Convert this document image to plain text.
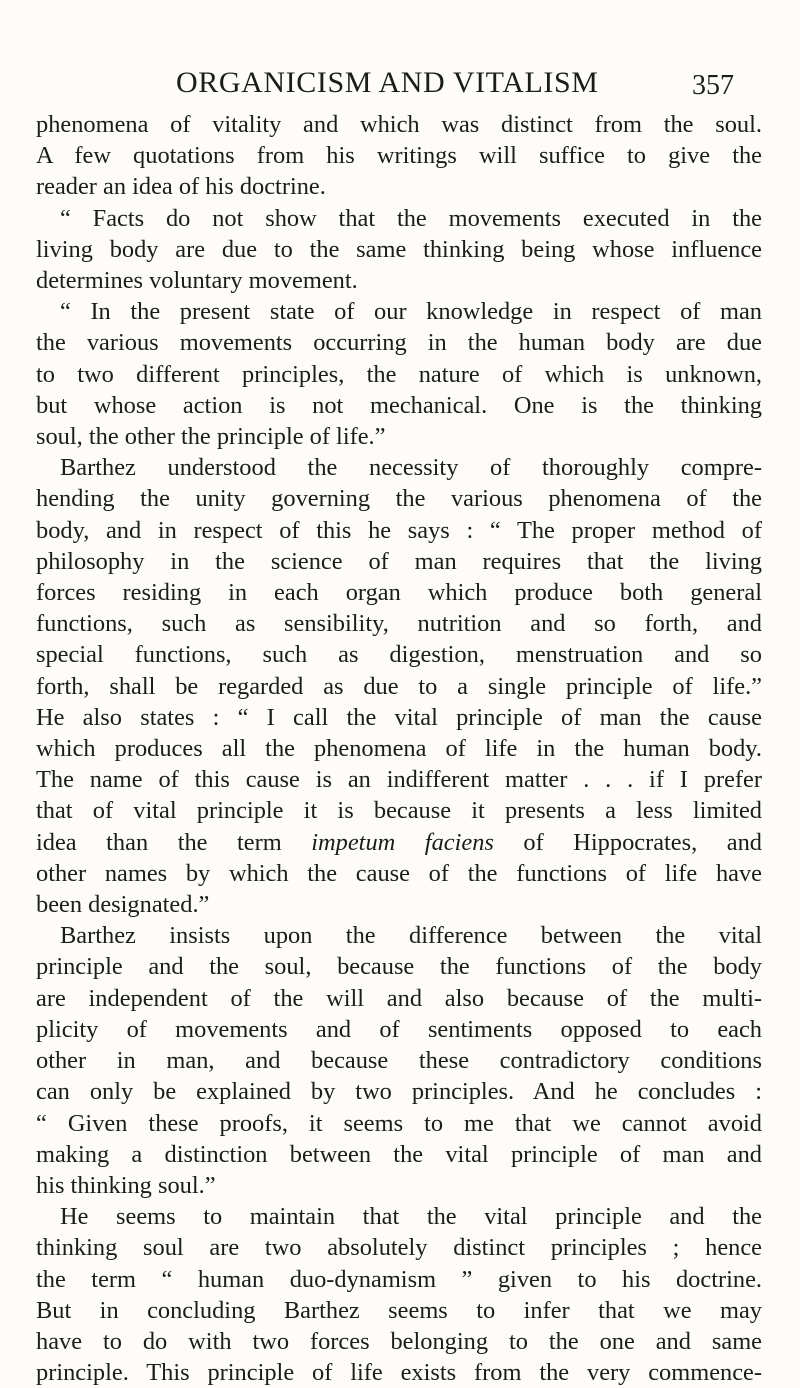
ORGANICISM AND VITALISM	357
phenomena of vitality and which was distinct from the soul.
A few quotations from his writings will suffice to give the
reader an idea of his doctrine.
“ Facts do not show that the movements executed in the
living body are due to the same thinking being whose influence
determines voluntary movement.
“ In the present state of our knowledge in respect of man
the various movements occurring in the human body are due
to two different principles, the nature of which is unknown,
but whose action is not mechanical. One is the thinking
soul, the other the principle of life.”
Barthez understood the necessity of thoroughly compre-
hending the unity governing the various phenomena of the
body, and in respect of this he says : “ The proper method of
philosophy in the science of man requires that the living
forces residing in each organ which produce both general
functions, such as sensibility, nutrition and so forth, and
special functions, such as digestion, menstruation and so
forth, shall be regarded as due to a single principle of life.”
He also states : “ I call the vital principle of man the cause
which produces all the phenomena of life in the human body.
The name of this cause is an indifferent matter . . . if I prefer
that of vital principle it is because it presents a less limited
idea than the term impetum faciens of Hippocrates, and
other names by which the cause of the functions of life have
been designated.”
Barthez insists upon the difference between the vital
principle and the soul, because the functions of the body
are independent of the will and also because of the multi-
plicity of movements and of sentiments opposed to each
other in man, and because these contradictory conditions
can only be explained by two principles. And he concludes :
“ Given these proofs, it seems to me that we cannot avoid
making a distinction between the vital principle of man and
his thinking soul.”
He seems to maintain that the vital principle and the
thinking soul are two absolutely distinct principles ; hence
the term “ human duo-dynamism ” given to his doctrine.
But in concluding Barthez seems to infer that we may
have to do with two forces belonging to the one and same
principle. This principle of life exists from the very commence-
